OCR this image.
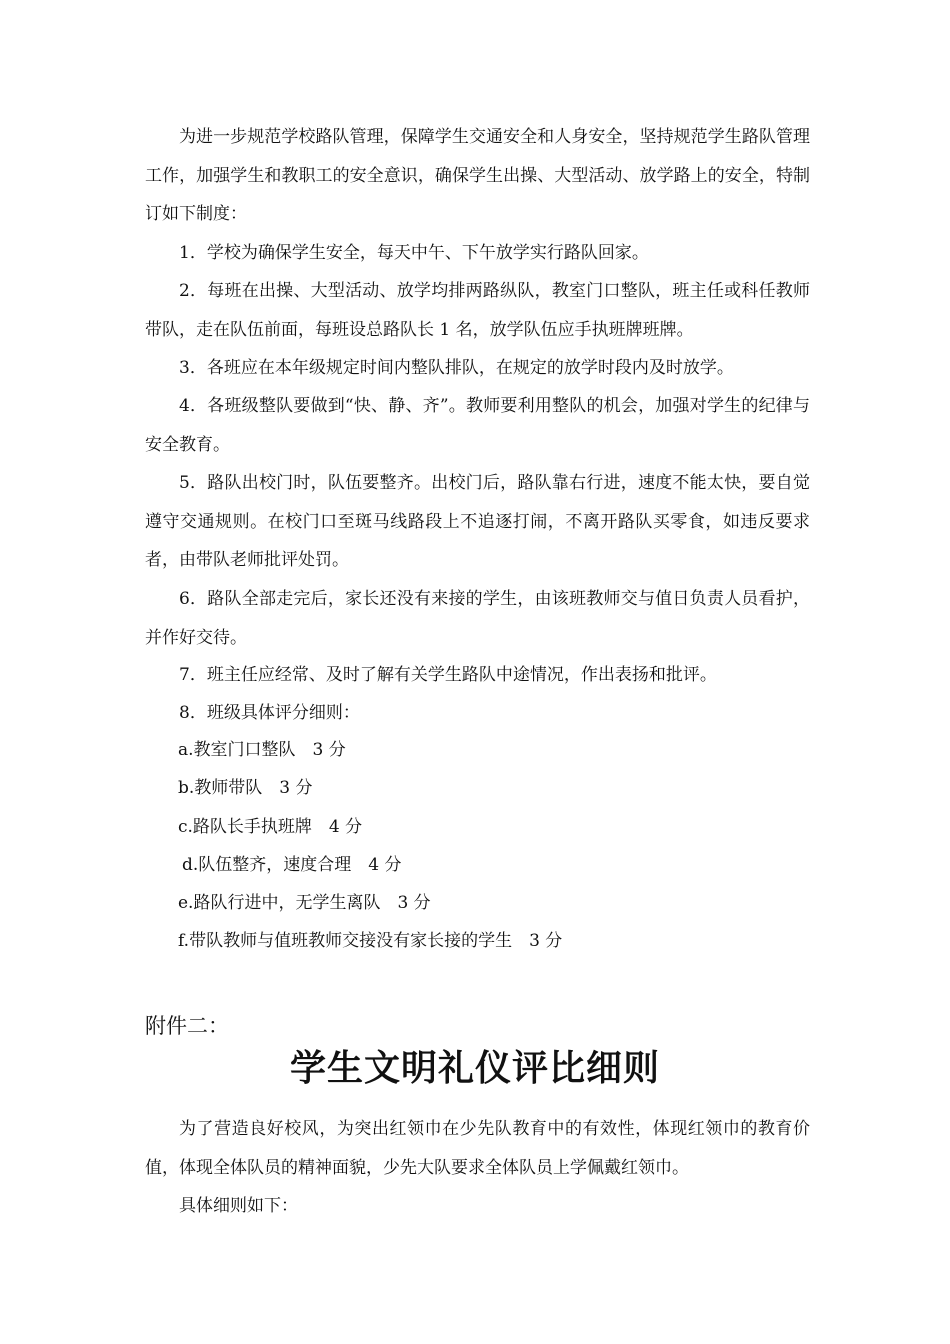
为进一步规范学校路队管理，保障学生交通安全和人身安全，坚持规范学生路队管理工作，加强学生和教职工的安全意识，确保学生出操、大型活动、放学路上的安全，特制订如下制度：

1．学校为确保学生安全，每天中午、下午放学实行路队回家。

2．每班在出操、大型活动、放学均排两路纵队，教室门口整队，班主任或科任教师带队，走在队伍前面，每班设总路队长 1 名，放学队伍应手执班牌班牌。

3．各班应在本年级规定时间内整队排队，在规定的放学时段内及时放学。

4．各班级整队要做到“快、静、齐”。教师要利用整队的机会，加强对学生的纪律与安全教育。

5．路队出校门时，队伍要整齐。出校门后，路队靠右行进，速度不能太快，要自觉遵守交通规则。在校门口至斑马线路段上不追逐打闹，不离开路队买零食，如违反要求者，由带队老师批评处罚。

6．路队全部走完后，家长还没有来接的学生，由该班教师交与值日负责人员看护，并作好交待。

7．班主任应经常、及时了解有关学生路队中途情况，作出表扬和批评。

8．班级具体评分细则：

a.教室门口整队　3 分

b.教师带队　3 分

c.路队长手执班牌　4 分

d.队伍整齐，速度合理　4 分

e.路队行进中，无学生离队　3 分

f.带队教师与值班教师交接没有家长接的学生　3 分

附件二：

学生文明礼仪评比细则

为了营造良好校风，为突出红领巾在少先队教育中的有效性，体现红领巾的教育价值，体现全体队员的精神面貌，少先大队要求全体队员上学佩戴红领巾。

具体细则如下：
